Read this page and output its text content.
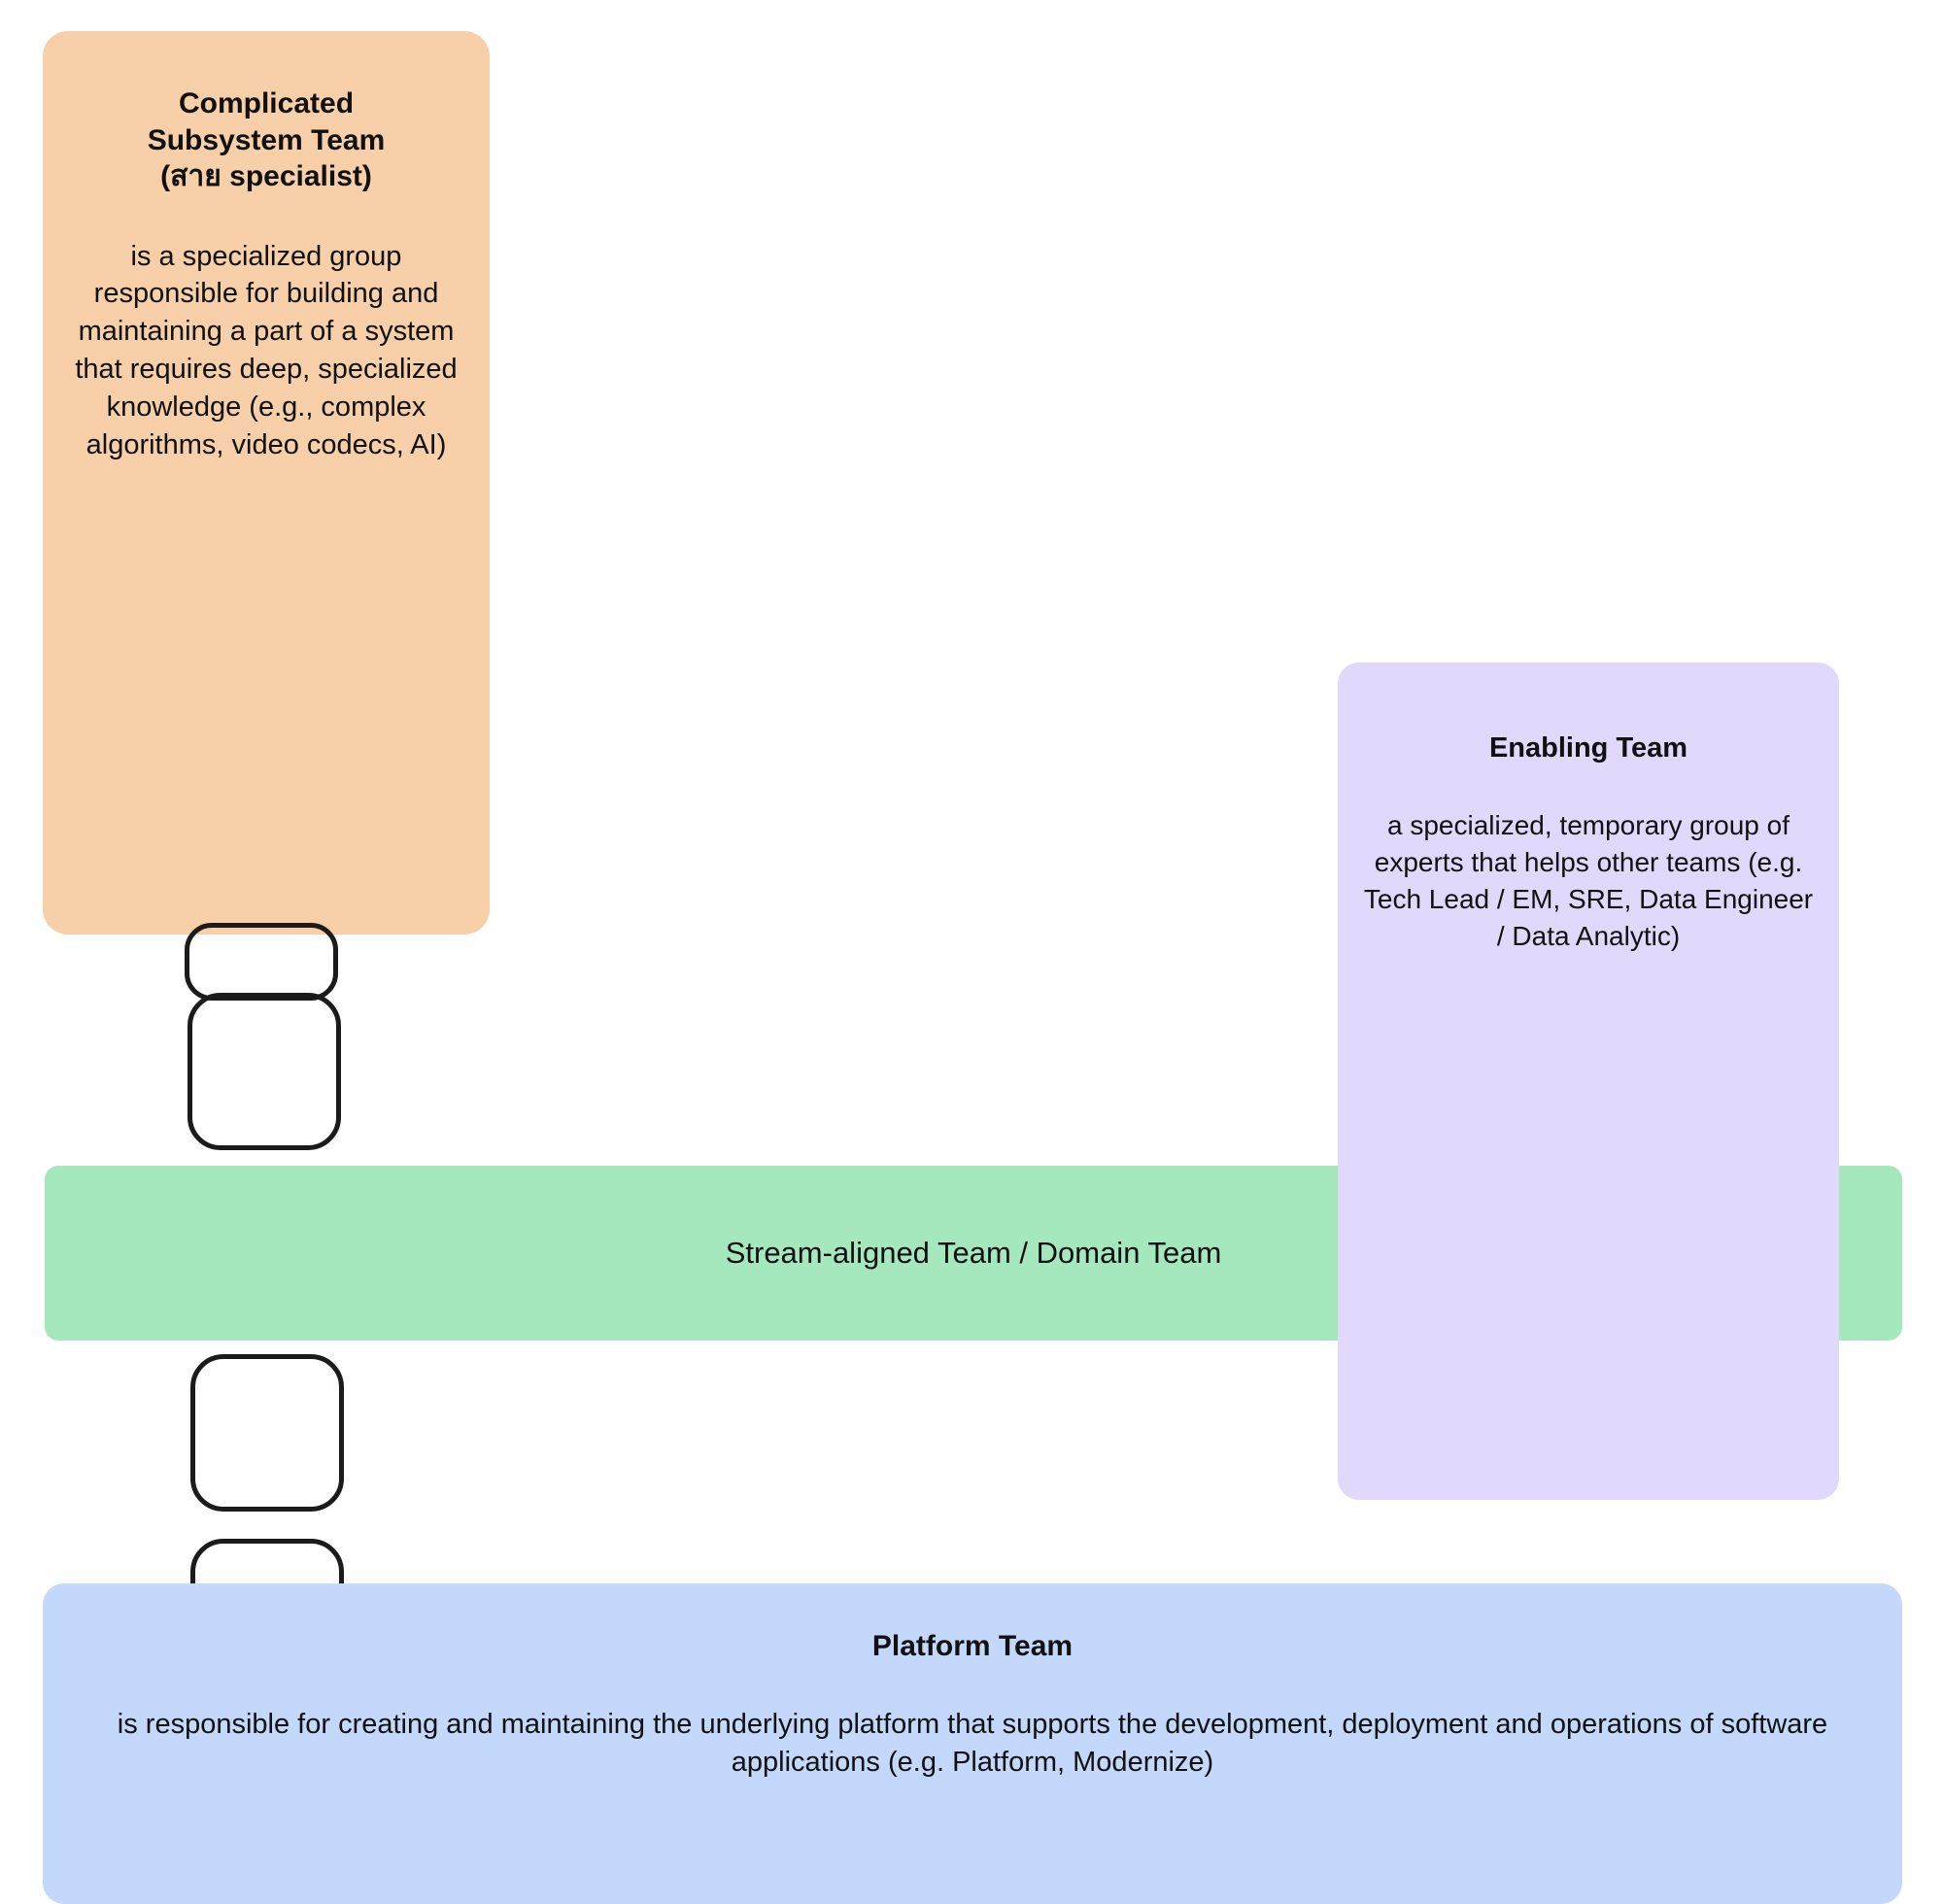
Complicated
Subsystem Team
(สาย specialist)
is a specialized group responsible for building and maintaining a part of a system that requires deep, specialized knowledge (e.g., complex algorithms, video codecs, AI)
Enabling Team
a specialized, temporary group of experts that helps other teams (e.g. Tech Lead / EM, SRE, Data Engineer / Data Analytic)
Stream-aligned Team / Domain Team
Platform Team
is responsible for creating and maintaining the underlying platform that supports the development, deployment and operations of software applications (e.g. Platform, Modernize)
